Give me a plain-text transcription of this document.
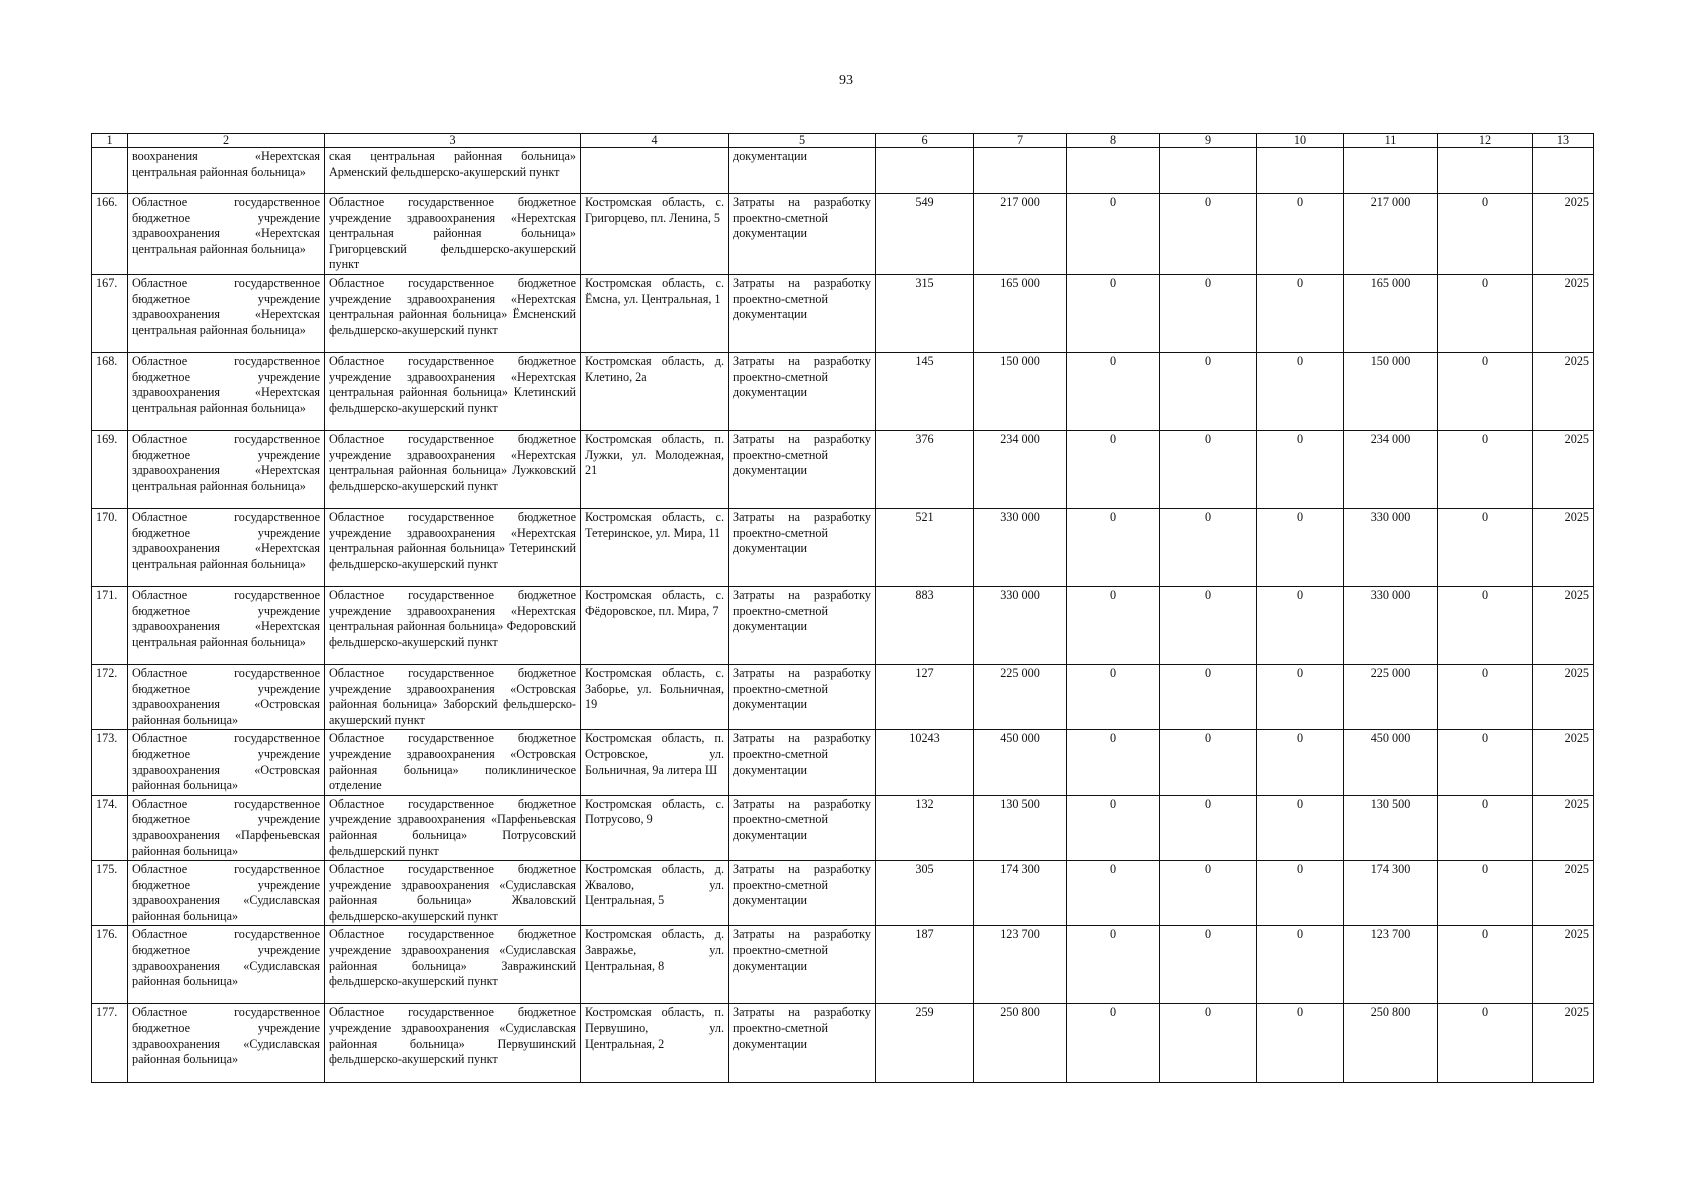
93
1	2	3	4	5	6	7	8	9	10	11	12	13
	воохранения «Нерехтская центральная районная больница»	ская центральная районная больница» Арменский фельдшерско-акушерский пункт		документации								
166.	Областное государственное бюджетное учреждение здравоохранения «Нерехтская центральная районная больница»	Областное государственное бюджетное учреждение здравоохранения «Нерехтская центральная районная больница» Григорцевский фельдшерско-акушерский пункт	Костромская область, с. Григорцево, пл. Ленина, 5	Затраты на разработку проектно-сметной документации	549	217 000	0	0	0	217 000	0	2025
167.	Областное государственное бюджетное учреждение здравоохранения «Нерехтская центральная районная больница»	Областное государственное бюджетное учреждение здравоохранения «Нерехтская центральная районная больница» Ёмсненский фельдшерско-акушерский пункт	Костромская область, с. Ёмсна, ул. Центральная, 1	Затраты на разработку проектно-сметной документации	315	165 000	0	0	0	165 000	0	2025
168.	Областное государственное бюджетное учреждение здравоохранения «Нерехтская центральная районная больница»	Областное государственное бюджетное учреждение здравоохранения «Нерехтская центральная районная больница» Клетинский фельдшерско-акушерский пункт	Костромская область, д. Клетино, 2а	Затраты на разработку проектно-сметной документации	145	150 000	0	0	0	150 000	0	2025
169.	Областное государственное бюджетное учреждение здравоохранения «Нерехтская центральная районная больница»	Областное государственное бюджетное учреждение здравоохранения «Нерехтская центральная районная больница» Лужковский фельдшерско-акушерский пункт	Костромская область, п. Лужки, ул. Молодежная, 21	Затраты на разработку проектно-сметной документации	376	234 000	0	0	0	234 000	0	2025
170.	Областное государственное бюджетное учреждение здравоохранения «Нерехтская центральная районная больница»	Областное государственное бюджетное учреждение здравоохранения «Нерехтская центральная районная больница» Тетеринский фельдшерско-акушерский пункт	Костромская область, с. Тетеринское, ул. Мира, 11	Затраты на разработку проектно-сметной документации	521	330 000	0	0	0	330 000	0	2025
171.	Областное государственное бюджетное учреждение здравоохранения «Нерехтская центральная районная больница»	Областное государственное бюджетное учреждение здравоохранения «Нерехтская центральная районная больница» Федоровский фельдшерско-акушерский пункт	Костромская область, с. Фёдоровское, пл. Мира, 7	Затраты на разработку проектно-сметной документации	883	330 000	0	0	0	330 000	0	2025
172.	Областное государственное бюджетное учреждение здравоохранения «Островская районная больница»	Областное государственное бюджетное учреждение здравоохранения «Островская районная больница» Заборский фельдшерско-акушерский пункт	Костромская область, с. Заборье, ул. Больничная, 19	Затраты на разработку проектно-сметной документации	127	225 000	0	0	0	225 000	0	2025
173.	Областное государственное бюджетное учреждение здравоохранения «Островская районная больница»	Областное государственное бюджетное учреждение здравоохранения «Островская районная больница» поликлиническое отделение	Костромская область, п. Островское, ул. Больничная, 9а литера Ш	Затраты на разработку проектно-сметной документации	10243	450 000	0	0	0	450 000	0	2025
174.	Областное государственное бюджетное учреждение здравоохранения «Парфеньевская районная больница»	Областное государственное бюджетное учреждение здравоохранения «Парфеньевская районная больница» Потрусовский фельдшерский пункт	Костромская область, с. Потрусово, 9	Затраты на разработку проектно-сметной документации	132	130 500	0	0	0	130 500	0	2025
175.	Областное государственное бюджетное учреждение здравоохранения «Судиславская районная больница»	Областное государственное бюджетное учреждение здравоохранения «Судиславская районная больница» Жваловский фельдшерско-акушерский пункт	Костромская область, д. Жвалово, ул. Центральная, 5	Затраты на разработку проектно-сметной документации	305	174 300	0	0	0	174 300	0	2025
176.	Областное государственное бюджетное учреждение здравоохранения «Судиславская районная больница»	Областное государственное бюджетное учреждение здравоохранения «Судиславская районная больница» Завражинский фельдшерско-акушерский пункт	Костромская область, д. Завражье, ул. Центральная, 8	Затраты на разработку проектно-сметной документации	187	123 700	0	0	0	123 700	0	2025
177.	Областное государственное бюджетное учреждение здравоохранения «Судиславская районная больница»	Областное государственное бюджетное учреждение здравоохранения «Судиславская районная больница» Первушинский фельдшерско-акушерский пункт	Костромская область, п. Первушино, ул. Центральная, 2	Затраты на разработку проектно-сметной документации	259	250 800	0	0	0	250 800	0	2025
